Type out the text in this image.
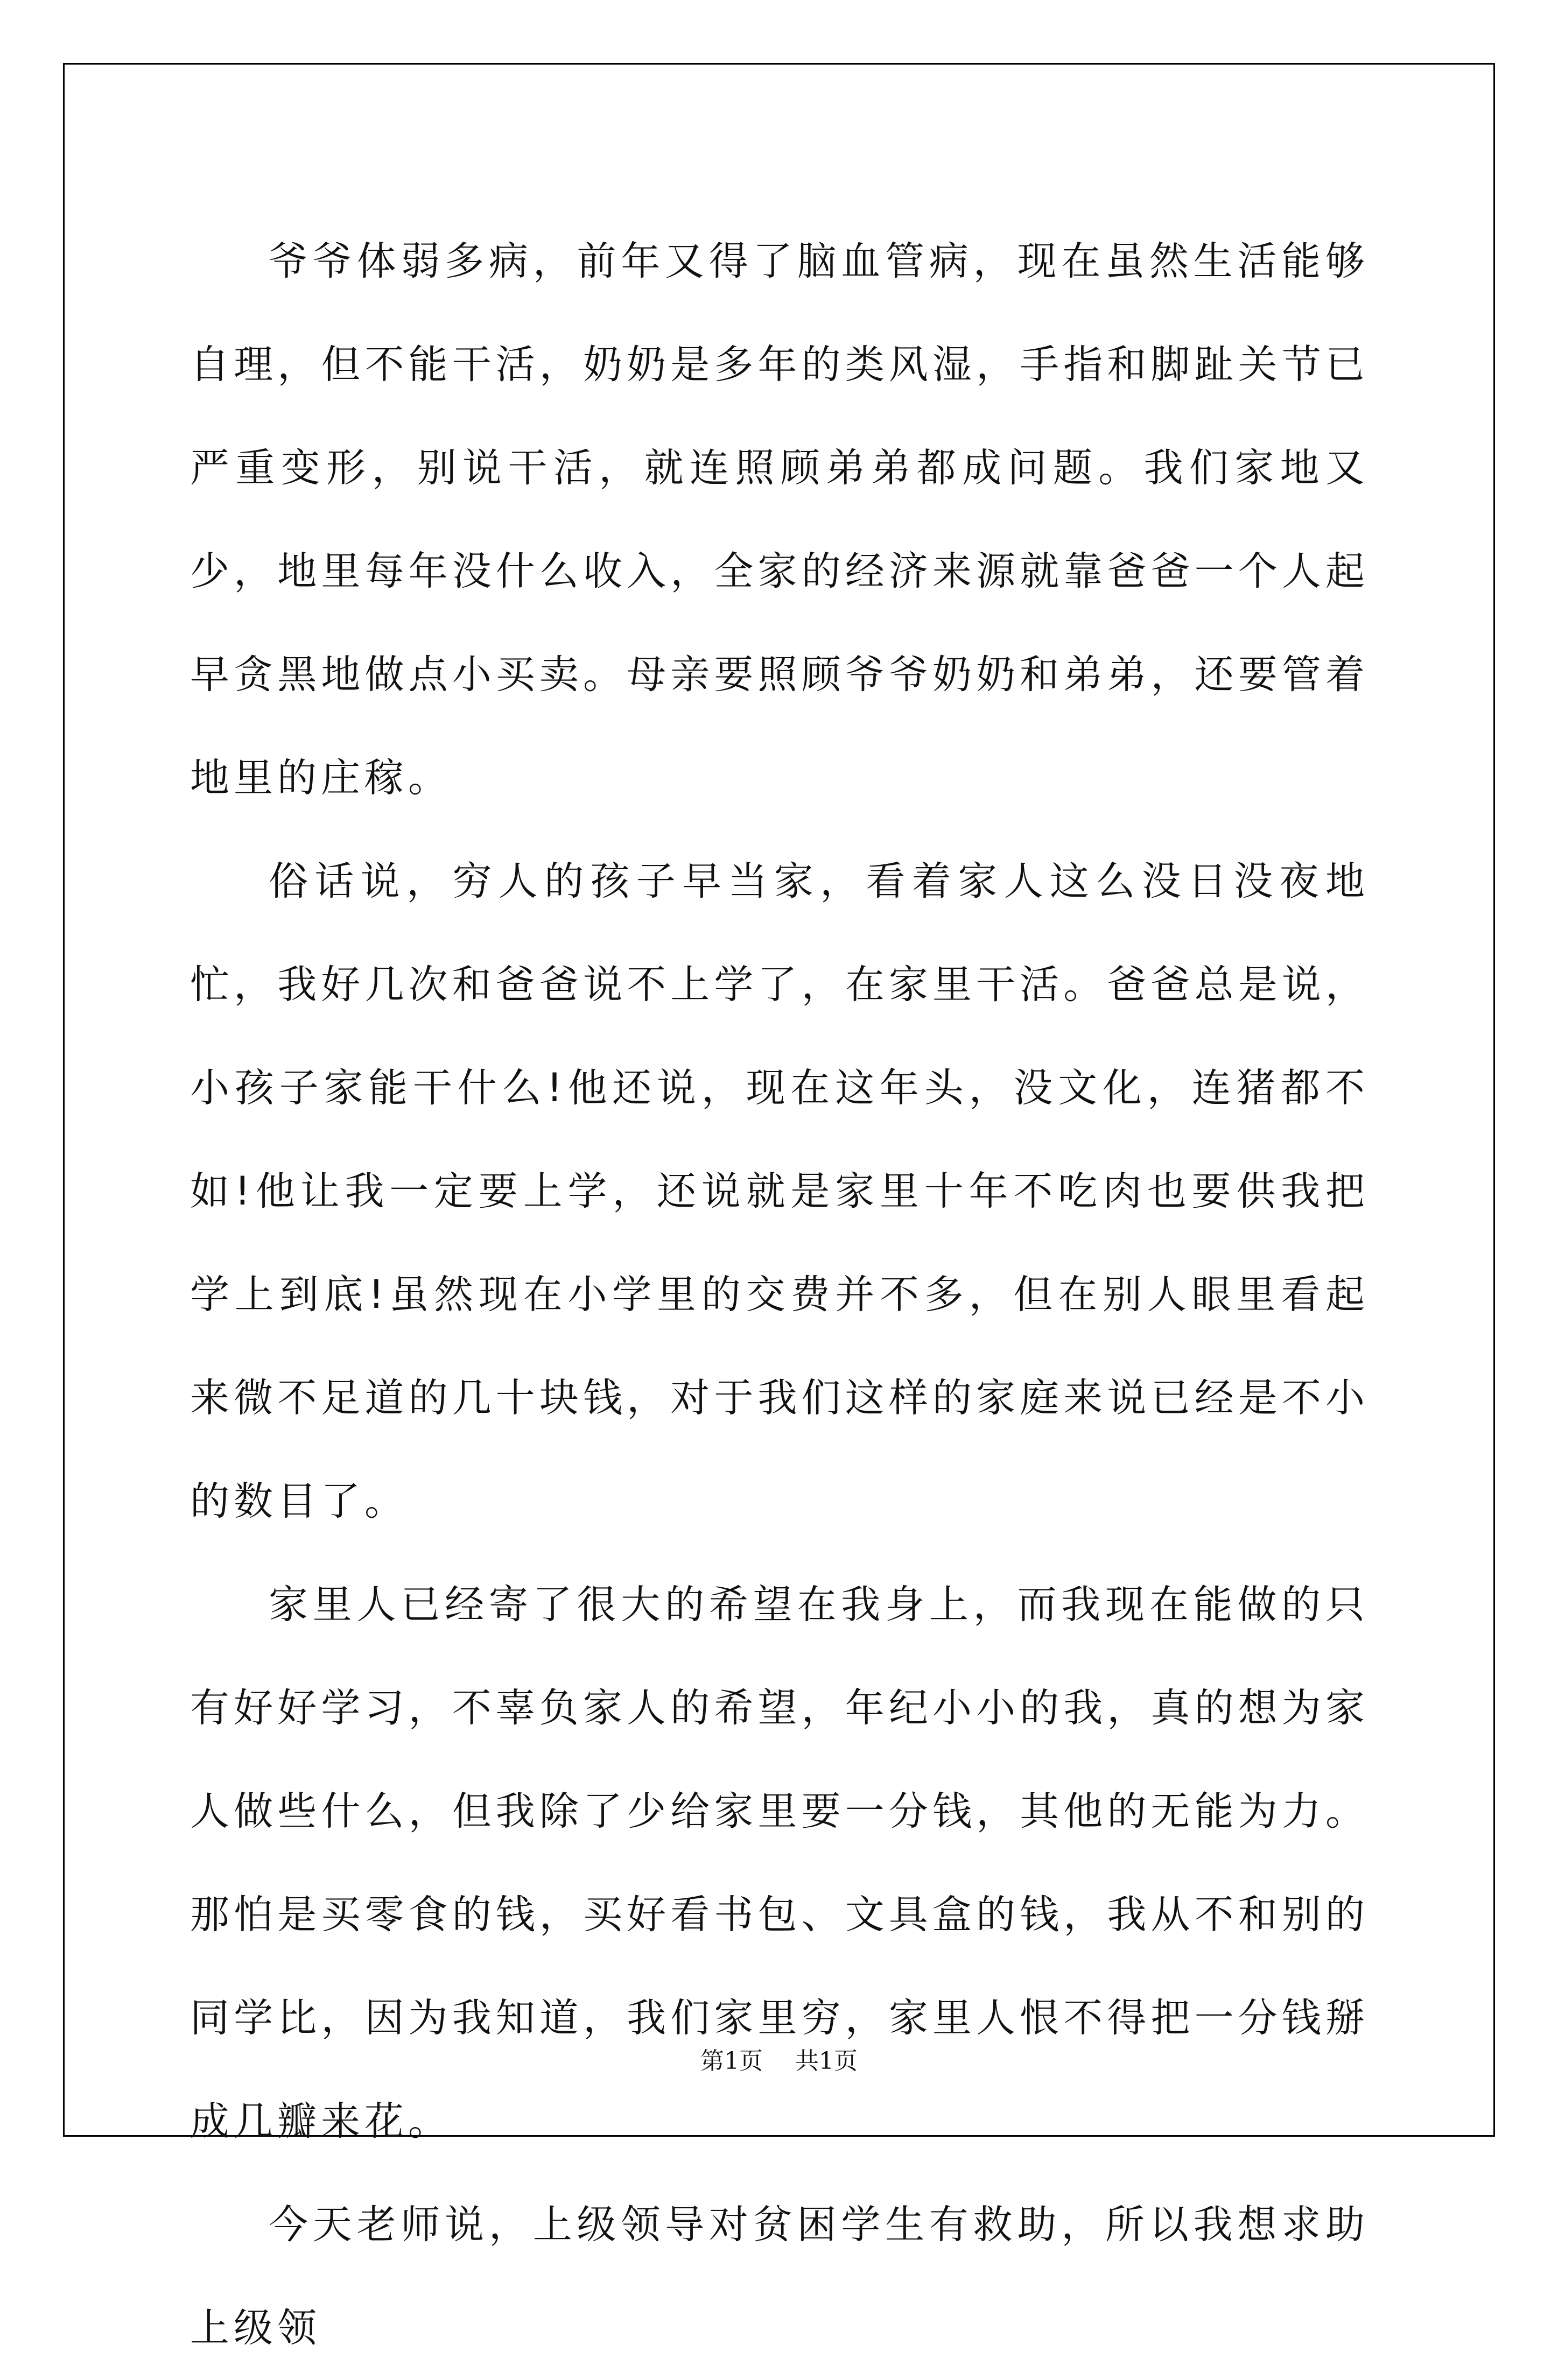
爷爷体弱多病，前年又得了脑血管病，现在虽然生活能够自理，但不能干活，奶奶是多年的类风湿，手指和脚趾关节已严重变形，别说干活，就连照顾弟弟都成问题。我们家地又少，地里每年没什么收入，全家的经济来源就靠爸爸一个人起早贪黑地做点小买卖。母亲要照顾爷爷奶奶和弟弟，还要管着地里的庄稼。

俗话说，穷人的孩子早当家，看着家人这么没日没夜地忙，我好几次和爸爸说不上学了，在家里干活。爸爸总是说，小孩子家能干什么!他还说，现在这年头，没文化，连猪都不如!他让我一定要上学，还说就是家里十年不吃肉也要供我把学上到底!虽然现在小学里的交费并不多，但在别人眼里看起来微不足道的几十块钱，对于我们这样的家庭来说已经是不小的数目了。

家里人已经寄了很大的希望在我身上，而我现在能做的只有好好学习，不辜负家人的希望，年纪小小的我，真的想为家人做些什么，但我除了少给家里要一分钱，其他的无能为力。那怕是买零食的钱，买好看书包、文具盒的钱，我从不和别的同学比，因为我知道，我们家里穷，家里人恨不得把一分钱掰成几瓣来花。

今天老师说，上级领导对贫困学生有救助，所以我想求助上级领

第1页 共1页
